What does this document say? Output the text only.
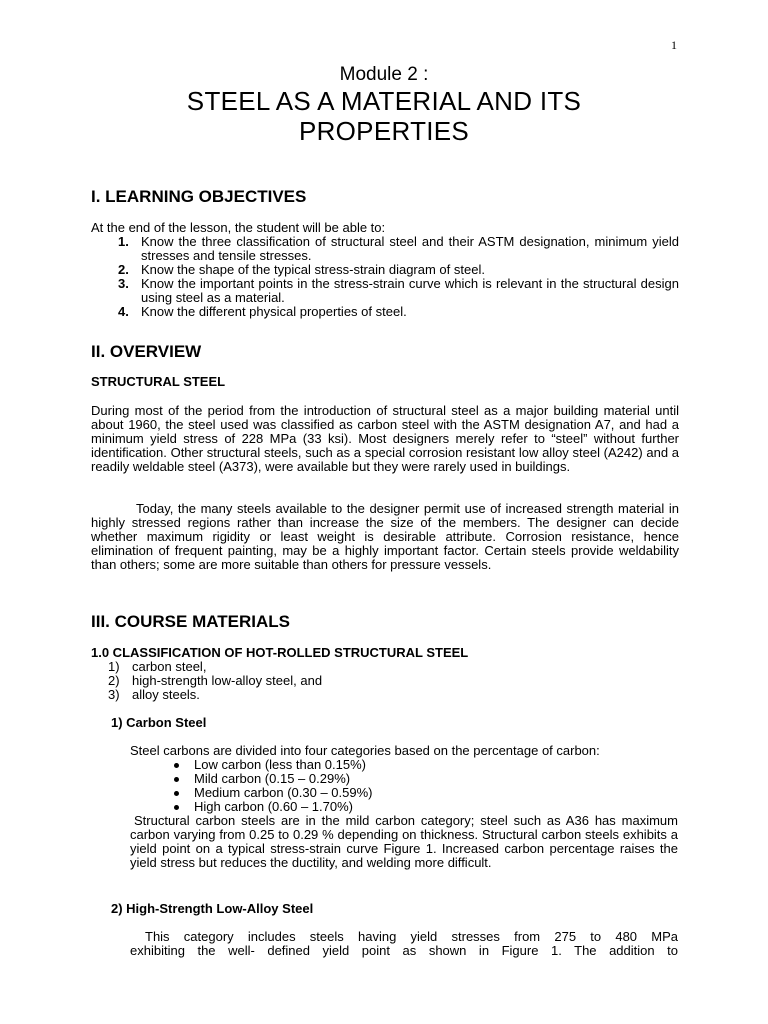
1
Module 2 :
STEEL AS A MATERIAL AND ITS PROPERTIES
I. LEARNING OBJECTIVES
At the end of the lesson, the student will be able to:
1. Know the three classification of structural steel and their ASTM designation, minimum yield stresses and tensile stresses.
2. Know the shape of the typical stress-strain diagram of steel.
3. Know the important points in the stress-strain curve which is relevant in the structural design using steel as a material.
4. Know the different physical properties of steel.
II. OVERVIEW
STRUCTURAL STEEL

During most of the period from the introduction of structural steel as a major building material until about 1960, the steel used was classified as carbon steel with the ASTM designation A7, and had a minimum yield stress of 228 MPa (33 ksi). Most designers merely refer to “steel” without further identification. Other structural steels, such as a special corrosion resistant low alloy steel (A242) and a readily weldable steel (A373), were available but they were rarely used in buildings.

Today, the many steels available to the designer permit use of increased strength material in highly stressed regions rather than increase the size of the members. The designer can decide whether maximum rigidity or least weight is desirable attribute. Corrosion resistance, hence elimination of frequent painting, may be a highly important factor. Certain steels provide weldability than others; some are more suitable than others for pressure vessels.

III. COURSE MATERIALS
1.0 CLASSIFICATION OF HOT-ROLLED STRUCTURAL STEEL
1) carbon steel,
2) high-strength low-alloy steel, and
3) alloy steels.
1) Carbon Steel
Steel carbons are divided into four categories based on the percentage of carbon:
Low carbon (less than 0.15%)
Mild carbon (0.15 – 0.29%)
Medium carbon (0.30 – 0.59%)
High carbon (0.60 – 1.70%)

Structural carbon steels are in the mild carbon category; steel such as A36 has maximum carbon varying from 0.25 to 0.29 % depending on thickness. Structural carbon steels exhibits a yield point on a typical stress-strain curve Figure 1. Increased carbon percentage raises the yield stress but reduces the ductility, and welding more difficult.

2) High-Strength Low-Alloy Steel
This category includes steels having yield stresses from 275 to 480 MPa
exhibiting the well- defined yield point as shown in Figure 1. The addition to
